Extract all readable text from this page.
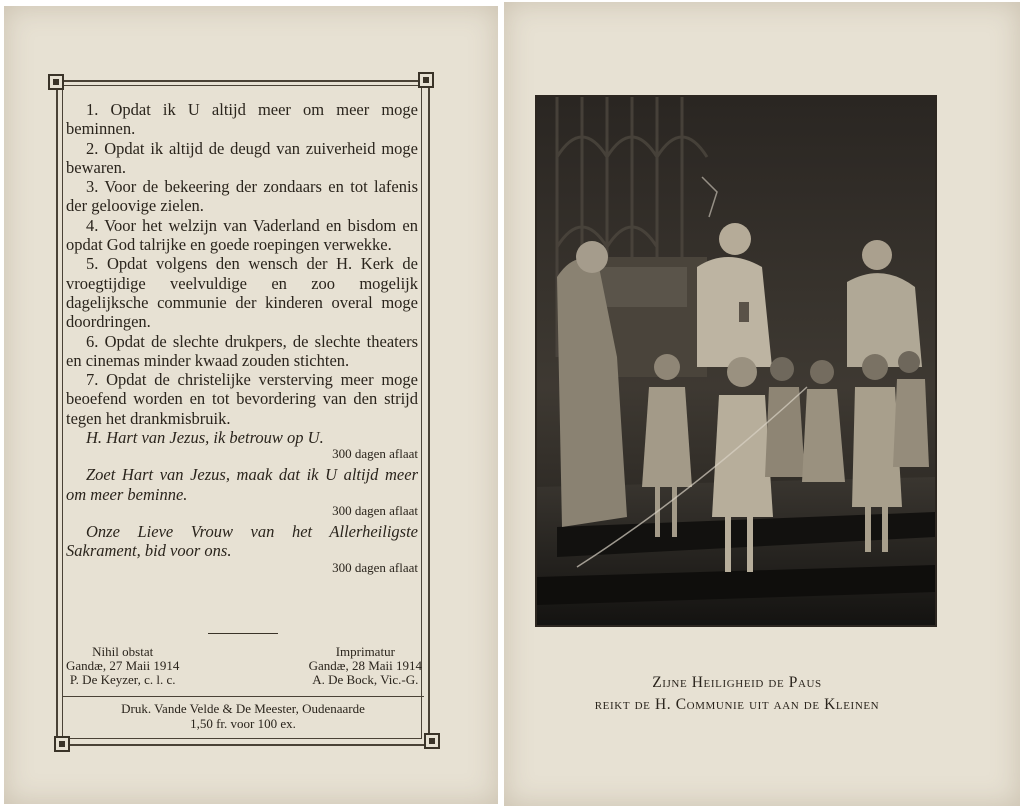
1. Opdat ik U altijd meer om meer moge beminnen.

2. Opdat ik altijd de deugd van zuiverheid moge bewaren.

3. Voor de bekeering der zondaars en tot lafenis der geloovige zielen.

4. Voor het welzijn van Vaderland en bisdom en opdat God talrijke en goede roepingen verwekke.

5. Opdat volgens den wensch der H. Kerk de vroegtijdige veelvuldige en zoo mogelijk dagelijksche communie der kinderen overal moge doordringen.

6. Opdat de slechte drukpers, de slechte theaters en cinemas minder kwaad zouden stichten.

7. Opdat de christelijke versterving meer moge beoefend worden en tot bevordering van den strijd tegen het drankmisbruik.

H. Hart van Jezus, ik betrouw op U.

300 dagen aflaat

Zoet Hart van Jezus, maak dat ik U altijd meer om meer beminne.

300 dagen aflaat

Onze Lieve Vrouw van het Allerheiligste Sakrament, bid voor ons.

300 dagen aflaat

Nihil obstat
Gandæ, 27 Maii 1914
P. De Keyzer, c. l. c.
Imprimatur
Gandæ, 28 Maii 1914
A. De Bock, Vic.-G.
Druk. Vande Velde & De Meester, Oudenaarde
1,50 fr. voor 100 ex.
Zijne Heiligheid de Paus
reikt de H. Communie uit aan de Kleinen
